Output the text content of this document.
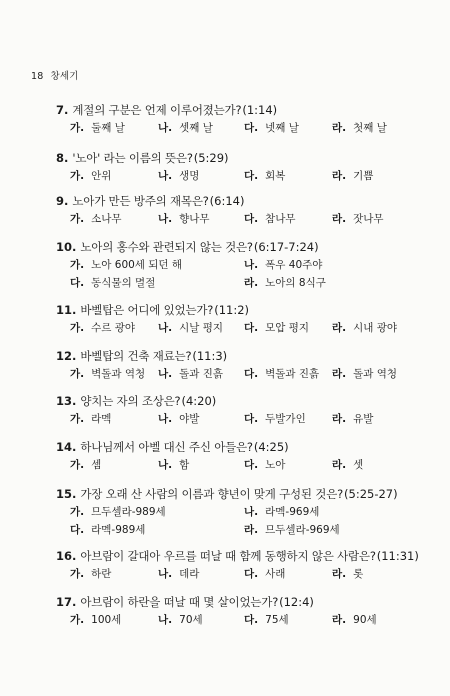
18 창세기
7. 계절의 구분은 언제 이루어졌는가?(1:14)
가. 둘째 날	나. 셋째 날	다. 넷째 날	라. 첫째 날
8. '노아' 라는 이름의 뜻은?(5:29)
가. 안위	나. 생명	다. 회복	라. 기쁨
9. 노아가 만든 방주의 재목은?(6:14)
가. 소나무	나. 향나무	다. 참나무	라. 잣나무
10. 노아의 홍수와 관련되지 않는 것은?(6:17-7:24)
가. 노아 600세 되던 해	나. 폭우 40주야
다. 동식물의 멸절	라. 노아의 8식구
11. 바벨탑은 어디에 있었는가?(11:2)
가. 수르 광야 나. 시날 평지 다. 모압 평지 라. 시내 광야
12. 바벨탑의 건축 재료는?(11:3)
가. 벽돌과 역청 나. 돌과 진흙 다. 벽돌과 진흙 라. 돌과 역청
13. 양치는 자의 조상은?(4:20)
가. 라멕	나. 야발	다. 두발가인	라. 유발
14. 하나님께서 아벨 대신 주신 아들은?(4:25)
가. 셈	나. 함	다. 노아	라. 셋
15. 가장 오래 산 사람의 이름과 향년이 맞게 구성된 것은?(5:25-27)
가. 므두셀라-989세	나. 라멕-969세
다. 라멕-989세	라. 므두셀라-969세
16. 아브람이 갈대아 우르를 떠날 때 함께 동행하지 않은 사람은?(11:31)
가. 하란	나. 데라	다. 사래	라. 롯
17. 아브람이 하란을 떠날 때 몇 살이었는가?(12:4)
가. 100세	나. 70세	다. 75세	라. 90세
